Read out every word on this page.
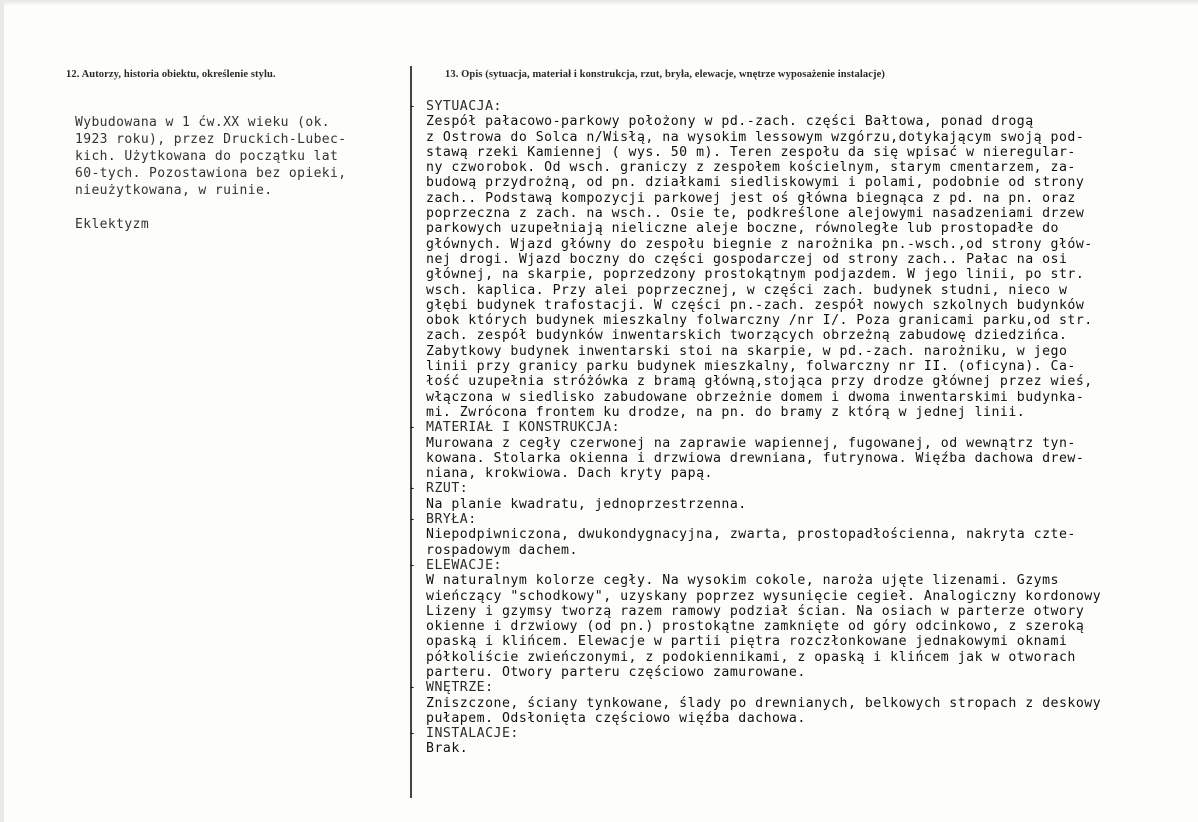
12. Autorzy, historia obiektu, określenie stylu.	13. Opis (sytuacja, materiał i konstrukcja, rzut, bryła, elewacje, wnętrze wyposażenie instalacje)

Wybudowana w 1 ćw.XX wieku (ok.
1923 roku), przez Druckich-Lubec-
kich. Użytkowana do początku lat
60-tych. Pozostawiona bez opieki,
nieużytkowana, w ruinie.

Eklektyzm

- SYTUACJA:
Zespół pałacowo-parkowy położony w pd.-zach. części Bałtowa, ponad drogą
z Ostrowa do Solca n/Wisłą, na wysokim lessowym wzgórzu,dotykającym swoją pod-
stawą rzeki Kamiennej ( wys. 50 m). Teren zespołu da się wpisać w nieregular-
ny czworobok. Od wsch. graniczy z zespołem kościelnym, starym cmentarzem, za-
budową przydrożną, od pn. działkami siedliskowymi i polami, podobnie od strony
zach.. Podstawą kompozycji parkowej jest oś główna biegnąca z pd. na pn. oraz
poprzeczna z zach. na wsch.. Osie te, podkreślone alejowymi nasadzeniami drzew
parkowych uzupełniają nieliczne aleje boczne, równoległe lub prostopadłe do
głównych. Wjazd główny do zespołu biegnie z narożnika pn.-wsch.,od strony głów-
nej drogi. Wjazd boczny do części gospodarczej od strony zach.. Pałac na osi
głównej, na skarpie, poprzedzony prostokątnym podjazdem. W jego linii, po str.
wsch. kaplica. Przy alei poprzecznej, w części zach. budynek studni, nieco w
głębi budynek trafostacji. W części pn.-zach. zespół nowych szkolnych budynków
obok których budynek mieszkalny folwarczny /nr I/. Poza granicami parku,od str.
zach. zespół budynków inwentarskich tworzących obrzeżną zabudowę dziedzińca.
Zabytkowy budynek inwentarski stoi na skarpie, w pd.-zach. narożniku, w jego
linii przy granicy parku budynek mieszkalny, folwarczny nr II. (oficyna). Ca-
łość uzupełnia stróżówka z bramą główną,stojąca przy drodze głównej przez wieś,
włączona w siedlisko zabudowane obrzeżnie domem i dwoma inwentarskimi budynka-
mi. Zwrócona frontem ku drodze, na pn. do bramy z którą w jednej linii.
- MATERIAŁ I KONSTRUKCJA:
Murowana z cegły czerwonej na zaprawie wapiennej, fugowanej, od wewnątrz tyn-
kowana. Stolarka okienna i drzwiowa drewniana, futrynowa. Więźba dachowa drew-
niana, krokwiowa. Dach kryty papą.
- RZUT:
Na planie kwadratu, jednoprzestrzenna.
- BRYŁA:
Niepodpiwniczona, dwukondygnacyjna, zwarta, prostopadłościenna, nakryta czte-
rospadowym dachem.
- ELEWACJE:
W naturalnym kolorze cegły. Na wysokim cokole, naroża ujęte lizenami. Gzyms
wieńczący "schodkowy", uzyskany poprzez wysunięcie cegieł. Analogiczny kordonowy
Lizeny i gzymsy tworzą razem ramowy podział ścian. Na osiach w parterze otwory
okienne i drzwiowy (od pn.) prostokątne zamknięte od góry odcinkowo, z szeroką
opaską i klińcem. Elewacje w partii piętra rozczłonkowane jednakowymi oknami
półkoliście zwieńczonymi, z podokiennikami, z opaską i klińcem jak w otworach
parteru. Otwory parteru częściowo zamurowane.
- WNĘTRZE:
Zniszczone, ściany tynkowane, ślady po drewnianych, belkowych stropach z deskowy
pułapem. Odsłonięta częściowo więźba dachowa.
- INSTALACJE:
Brak.
